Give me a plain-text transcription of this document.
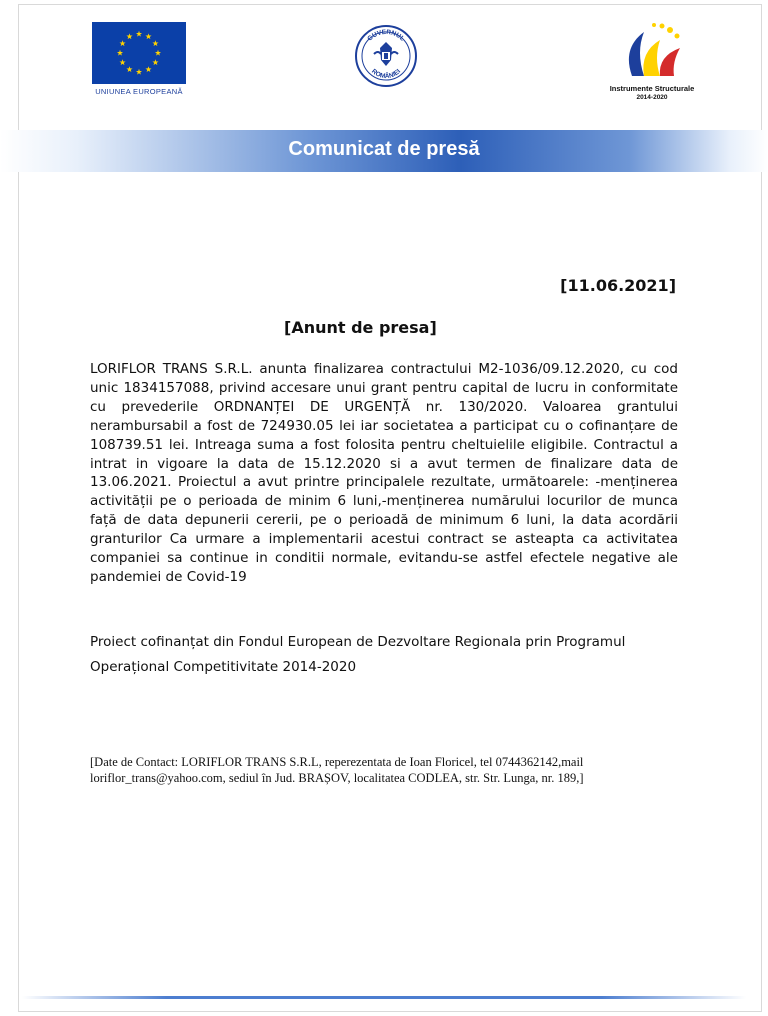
UNIUNEA EUROPEANĂ
GUVERNUL
ROMÂNIEI
Instrumente Structurale
2014-2020
Comunicat de presă
[11.06.2021]
[Anunt de presa]
LORIFLOR TRANS S.R.L. anunta finalizarea contractului M2-1036/09.12.2020, cu cod unic 1834157088, privind accesare unui grant pentru capital de lucru in conformitate cu prevederile ORDNANȚEI DE URGENȚĂ nr. 130/2020. Valoarea grantului nerambursabil a fost de 724930.05 lei iar societatea a participat cu o cofinanțare de 108739.51 lei. Intreaga suma a fost folosita pentru cheltuielile eligibile. Contractul a intrat in vigoare la data de 15.12.2020 si a avut termen de finalizare data de 13.06.2021. Proiectul a avut printre principalele rezultate, următoarele: -menținerea activității pe o perioada de minim 6 luni,-menținerea numărului locurilor de munca față de data depunerii cererii, pe o perioadă de minimum 6 luni, la data acordării granturilor Ca urmare a implementarii acestui contract se asteapta ca activitatea companiei sa continue in conditii normale, evitandu-se astfel efectele negative ale pandemiei de Covid-19
Proiect cofinanțat din Fondul European de Dezvoltare Regionala prin Programul
Operațional Competitivitate 2014-2020
[Date de Contact: LORIFLOR TRANS S.R.L, reperezentata de Ioan Floricel, tel 0744362142,mail
loriflor_trans@yahoo.com, sediul în Jud. BRAȘOV, localitatea CODLEA, str. Str. Lunga, nr. 189,]
